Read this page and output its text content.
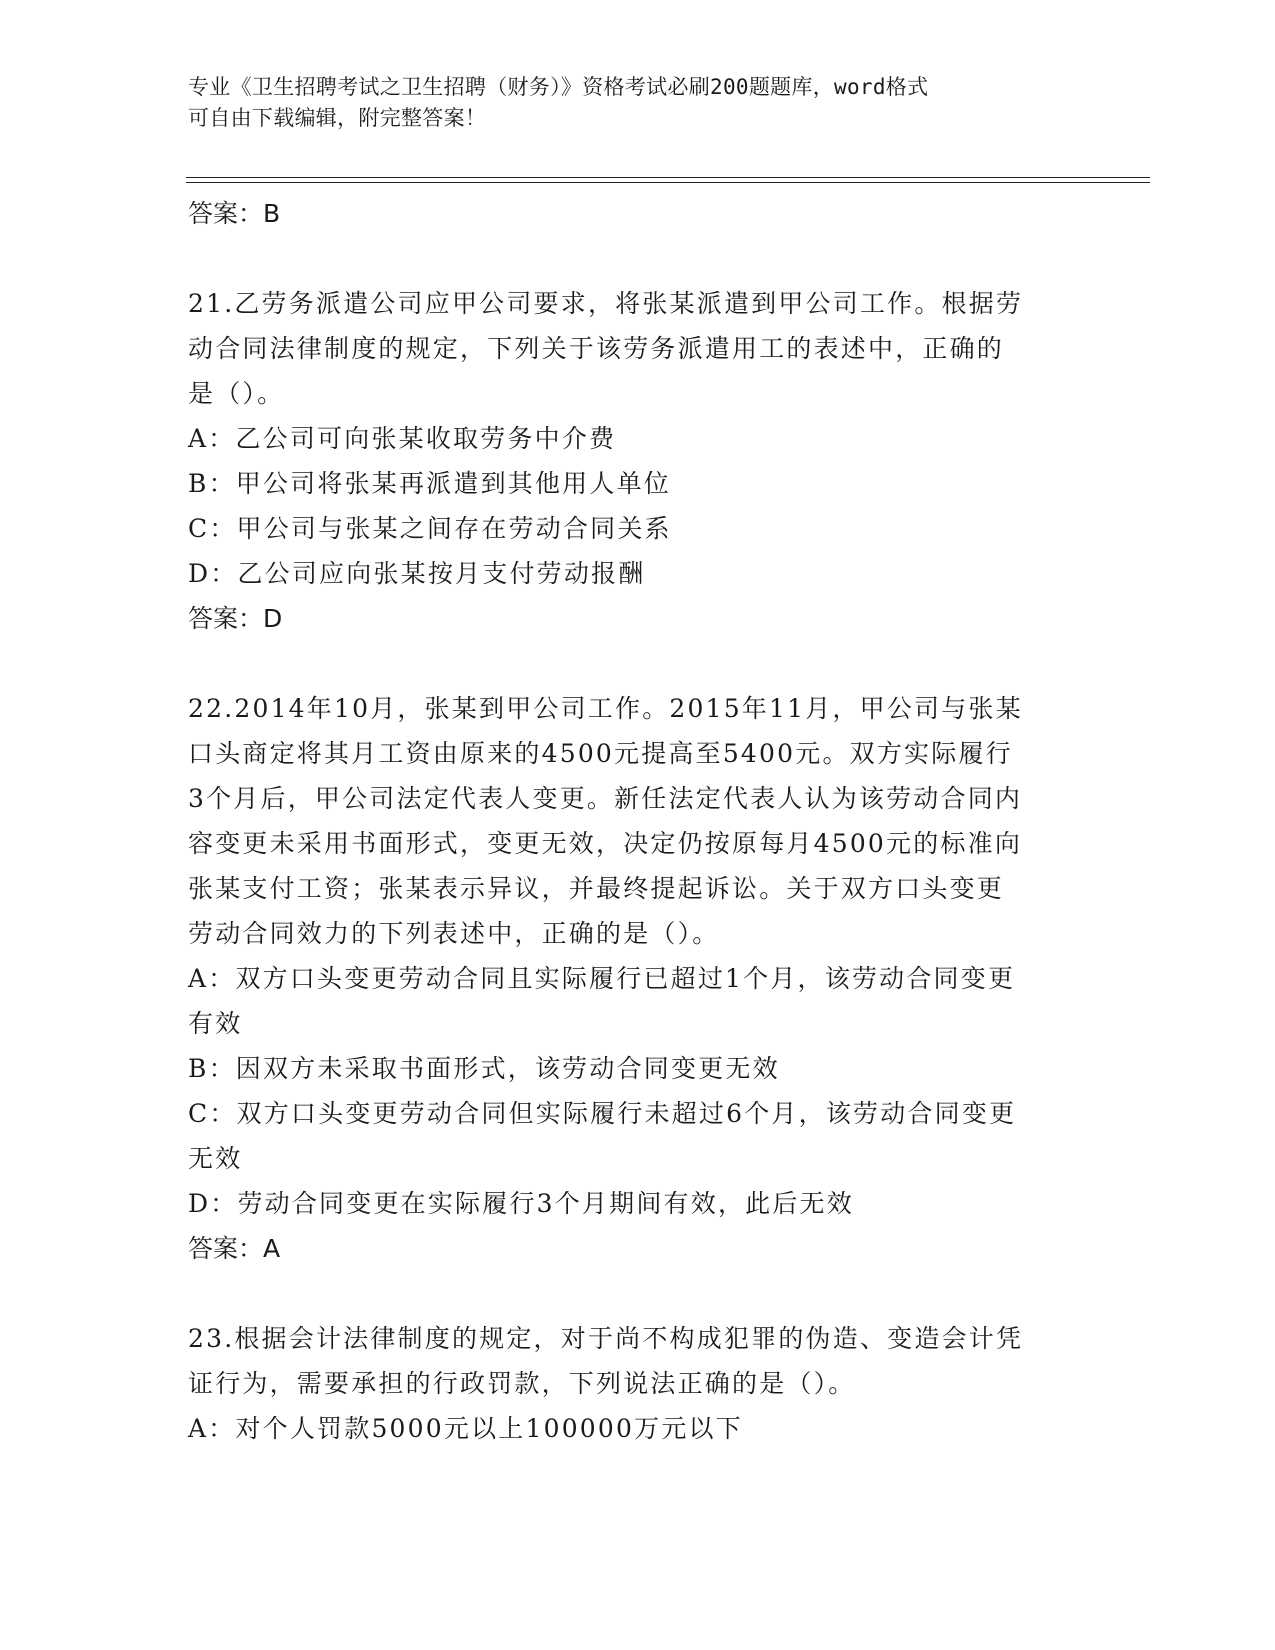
专业《卫生招聘考试之卫生招聘（财务）》资格考试必刷200题题库，word格式
可自由下载编辑，附完整答案！

答案：B

21.乙劳务派遣公司应甲公司要求，将张某派遣到甲公司工作。根据劳

动合同法律制度的规定，下列关于该劳务派遣用工的表述中，正确的

是（）。

A：乙公司可向张某收取劳务中介费

B：甲公司将张某再派遣到其他用人单位

C：甲公司与张某之间存在劳动合同关系

D：乙公司应向张某按月支付劳动报酬

答案：D

22.2014年10月，张某到甲公司工作。2015年11月，甲公司与张某

口头商定将其月工资由原来的4500元提高至5400元。双方实际履行

3个月后，甲公司法定代表人变更。新任法定代表人认为该劳动合同内

容变更未采用书面形式，变更无效，决定仍按原每月4500元的标准向

张某支付工资；张某表示异议，并最终提起诉讼。关于双方口头变更

劳动合同效力的下列表述中，正确的是（）。

A：双方口头变更劳动合同且实际履行已超过1个月，该劳动合同变更

有效

B：因双方未采取书面形式，该劳动合同变更无效

C：双方口头变更劳动合同但实际履行未超过6个月，该劳动合同变更

无效

D：劳动合同变更在实际履行3个月期间有效，此后无效

答案：A

23.根据会计法律制度的规定，对于尚不构成犯罪的伪造、变造会计凭

证行为，需要承担的行政罚款，下列说法正确的是（）。

A：对个人罚款5000元以上100000万元以下
